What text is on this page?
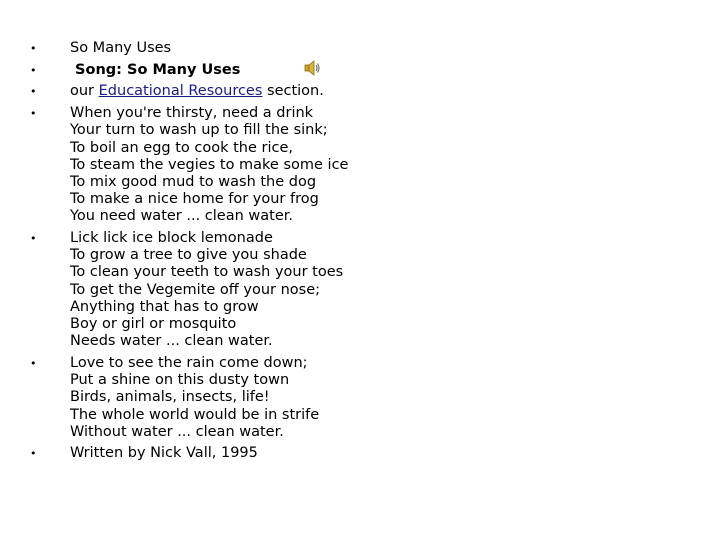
• So Many Uses
• Song: So Many Uses
• our Educational Resources section.
• When you're thirsty, need a drink
Your turn to wash up to fill the sink;
To boil an egg to cook the rice,
To steam the vegies to make some ice
To mix good mud to wash the dog
To make a nice home for your frog
You need water ... clean water.
• Lick lick ice block lemonade
To grow a tree to give you shade
To clean your teeth to wash your toes
To get the Vegemite off your nose;
Anything that has to grow
Boy or girl or mosquito
Needs water ... clean water.
• Love to see the rain come down;
Put a shine on this dusty town
Birds, animals, insects, life!
The whole world would be in strife
Without water ... clean water.
• Written by Nick Vall, 1995
